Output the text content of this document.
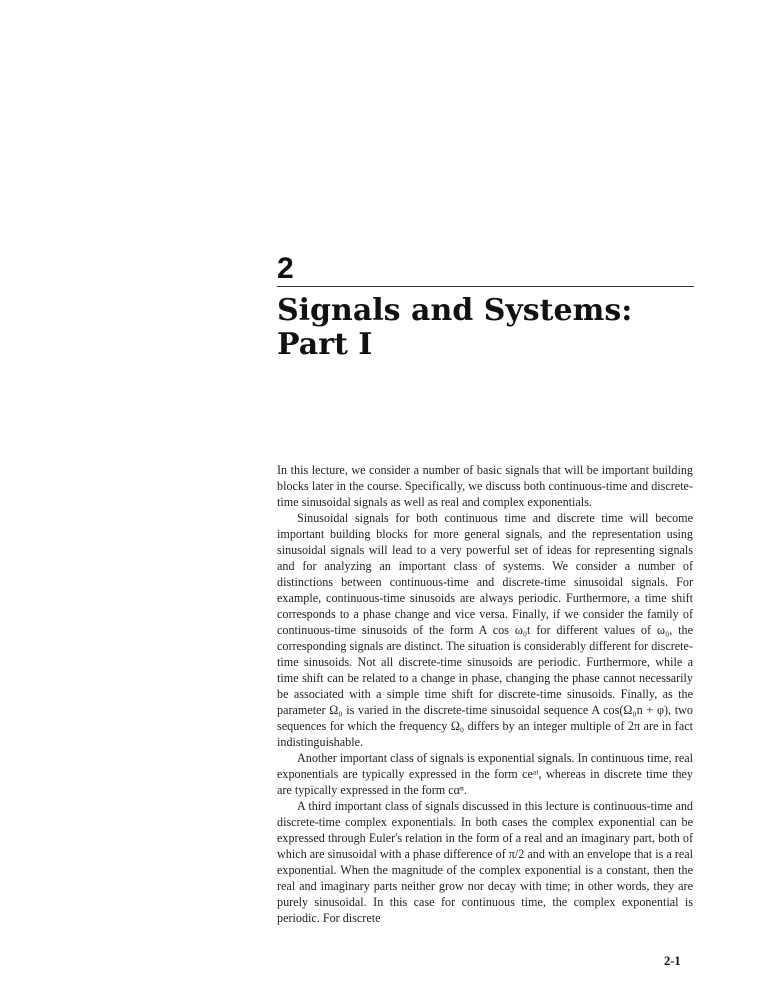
2
Signals and Systems:
Part I

In this lecture, we consider a number of basic signals that will be important building blocks later in the course. Specifically, we discuss both continuous-time and discrete-time sinusoidal signals as well as real and complex exponentials.

Sinusoidal signals for both continuous time and discrete time will become important building blocks for more general signals, and the representation using sinusoidal signals will lead to a very powerful set of ideas for representing signals and for analyzing an important class of systems. We consider a number of distinctions between continuous-time and discrete-time sinusoidal signals. For example, continuous-time sinusoids are always periodic. Furthermore, a time shift corresponds to a phase change and vice versa. Finally, if we consider the family of continuous-time sinusoids of the form A cos ω₀t for different values of ω₀, the corresponding signals are distinct. The situation is considerably different for discrete-time sinusoids. Not all discrete-time sinusoids are periodic. Furthermore, while a time shift can be related to a change in phase, changing the phase cannot necessarily be associated with a simple time shift for discrete-time sinusoids. Finally, as the parameter Ω₀ is varied in the discrete-time sinusoidal sequence A cos(Ω₀n + φ), two sequences for which the frequency Ω₀ differs by an integer multiple of 2π are in fact indistinguishable.

Another important class of signals is exponential signals. In continuous time, real exponentials are typically expressed in the form ceᵃᵗ, whereas in discrete time they are typically expressed in the form cαⁿ.

A third important class of signals discussed in this lecture is continuous-time and discrete-time complex exponentials. In both cases the complex exponential can be expressed through Euler's relation in the form of a real and an imaginary part, both of which are sinusoidal with a phase difference of π/2 and with an envelope that is a real exponential. When the magnitude of the complex exponential is a constant, then the real and imaginary parts neither grow nor decay with time; in other words, they are purely sinusoidal. In this case for continuous time, the complex exponential is periodic. For discrete

2-1
